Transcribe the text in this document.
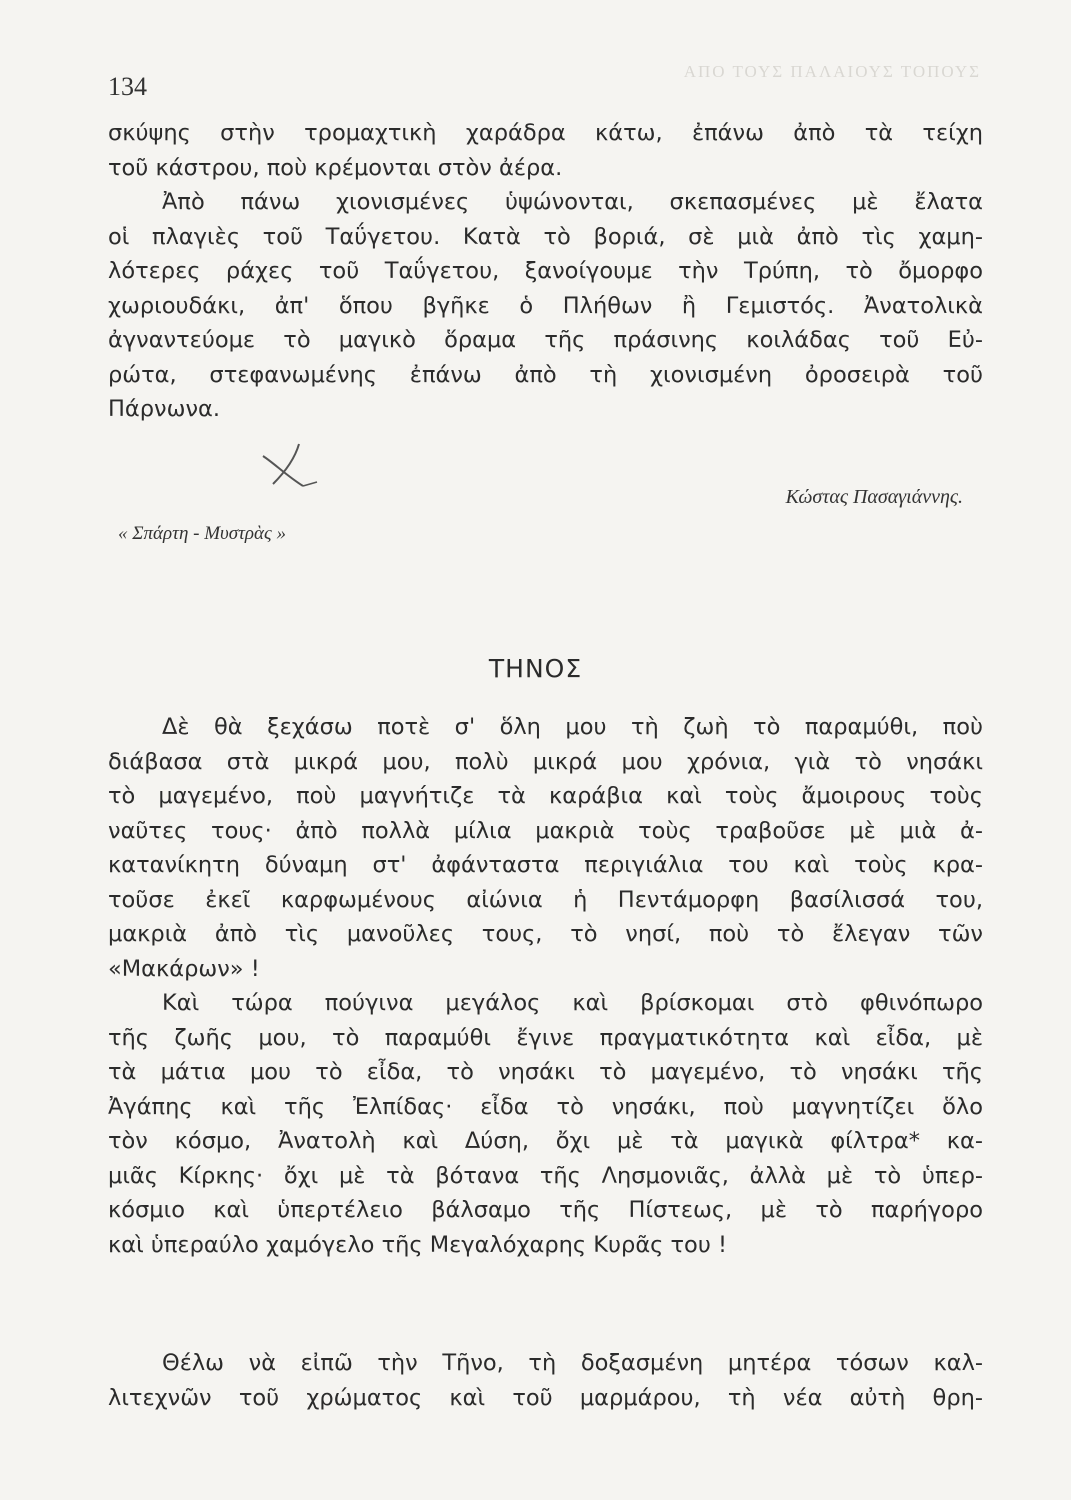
ΑΠΟ ΤΟΥΣ ΠΑΛΑΙΟΥΣ ΤΟΠΟΥΣ
134
σκύψης στὴν τρομαχτικὴ χαράδρα κάτω, ἐπάνω ἀπὸ τὰ τείχη
τοῦ κάστρου, ποὺ κρέμονται στὸν ἀέρα.
Ἀπὸ πάνω χιονισμένες ὑψώνονται, σκεπασμένες μὲ ἔλατα
οἱ πλαγιὲς τοῦ Ταΰγετου. Κατὰ τὸ βοριά, σὲ μιὰ ἀπὸ τὶς χαμη-
λότερες ράχες τοῦ Ταΰγετου, ξανοίγουμε τὴν Τρύπη, τὸ ὄμορφο
χωριουδάκι, ἀπ' ὅπου βγῆκε ὁ Πλήθων ἢ Γεμιστός. Ἀνατολικὰ
ἀγναντεύομε τὸ μαγικὸ ὅραμα τῆς πράσινης κοιλάδας τοῦ Εὐ-
ρώτα, στεφανωμένης ἐπάνω ἀπὸ τὴ χιονισμένη ὀροσειρὰ τοῦ
Πάρνωνα.
Κώστας Πασαγιάννης.
« Σπάρτη - Μυστρὰς »
ΤΗΝΟΣ
Δὲ θὰ ξεχάσω ποτὲ σ' ὅλη μου τὴ ζωὴ τὸ παραμύθι, ποὺ
διάβασα στὰ μικρά μου, πολὺ μικρά μου χρόνια, γιὰ τὸ νησάκι
τὸ μαγεμένο, ποὺ μαγνήτιζε τὰ καράβια καὶ τοὺς ἄμοιρους τοὺς
ναῦτες τους· ἀπὸ πολλὰ μίλια μακριὰ τοὺς τραβοῦσε μὲ μιὰ ἀ-
κατανίκητη δύναμη στ' ἀφάνταστα περιγιάλια του καὶ τοὺς κρα-
τοῦσε ἐκεῖ καρφωμένους αἰώνια ἡ Πεντάμορφη βασίλισσά του,
μακριὰ ἀπὸ τὶς μανοῦλες τους, τὸ νησί, ποὺ τὸ ἔλεγαν τῶν
«Μακάρων» !
Καὶ τώρα πούγινα μεγάλος καὶ βρίσκομαι στὸ φθινόπωρο
τῆς ζωῆς μου, τὸ παραμύθι ἔγινε πραγματικότητα καὶ εἶδα, μὲ
τὰ μάτια μου τὸ εἶδα, τὸ νησάκι τὸ μαγεμένο, τὸ νησάκι τῆς
Ἀγάπης καὶ τῆς Ἐλπίδας· εἶδα τὸ νησάκι, ποὺ μαγνητίζει ὅλο
τὸν κόσμο, Ἀνατολὴ καὶ Δύση, ὄχι μὲ τὰ μαγικὰ φίλτρα* κα-
μιᾶς Κίρκης· ὄχι μὲ τὰ βότανα τῆς Λησμονιᾶς, ἀλλὰ μὲ τὸ ὑπερ-
κόσμιο καὶ ὑπερτέλειο βάλσαμο τῆς Πίστεως, μὲ τὸ παρήγορο
καὶ ὑπεραύλο χαμόγελο τῆς Μεγαλόχαρης Κυρᾶς του !
Θέλω νὰ εἰπῶ τὴν Τῆνο, τὴ δοξασμένη μητέρα τόσων καλ-
λιτεχνῶν τοῦ χρώματος καὶ τοῦ μαρμάρου, τὴ νέα αὐτὴ θρη-
